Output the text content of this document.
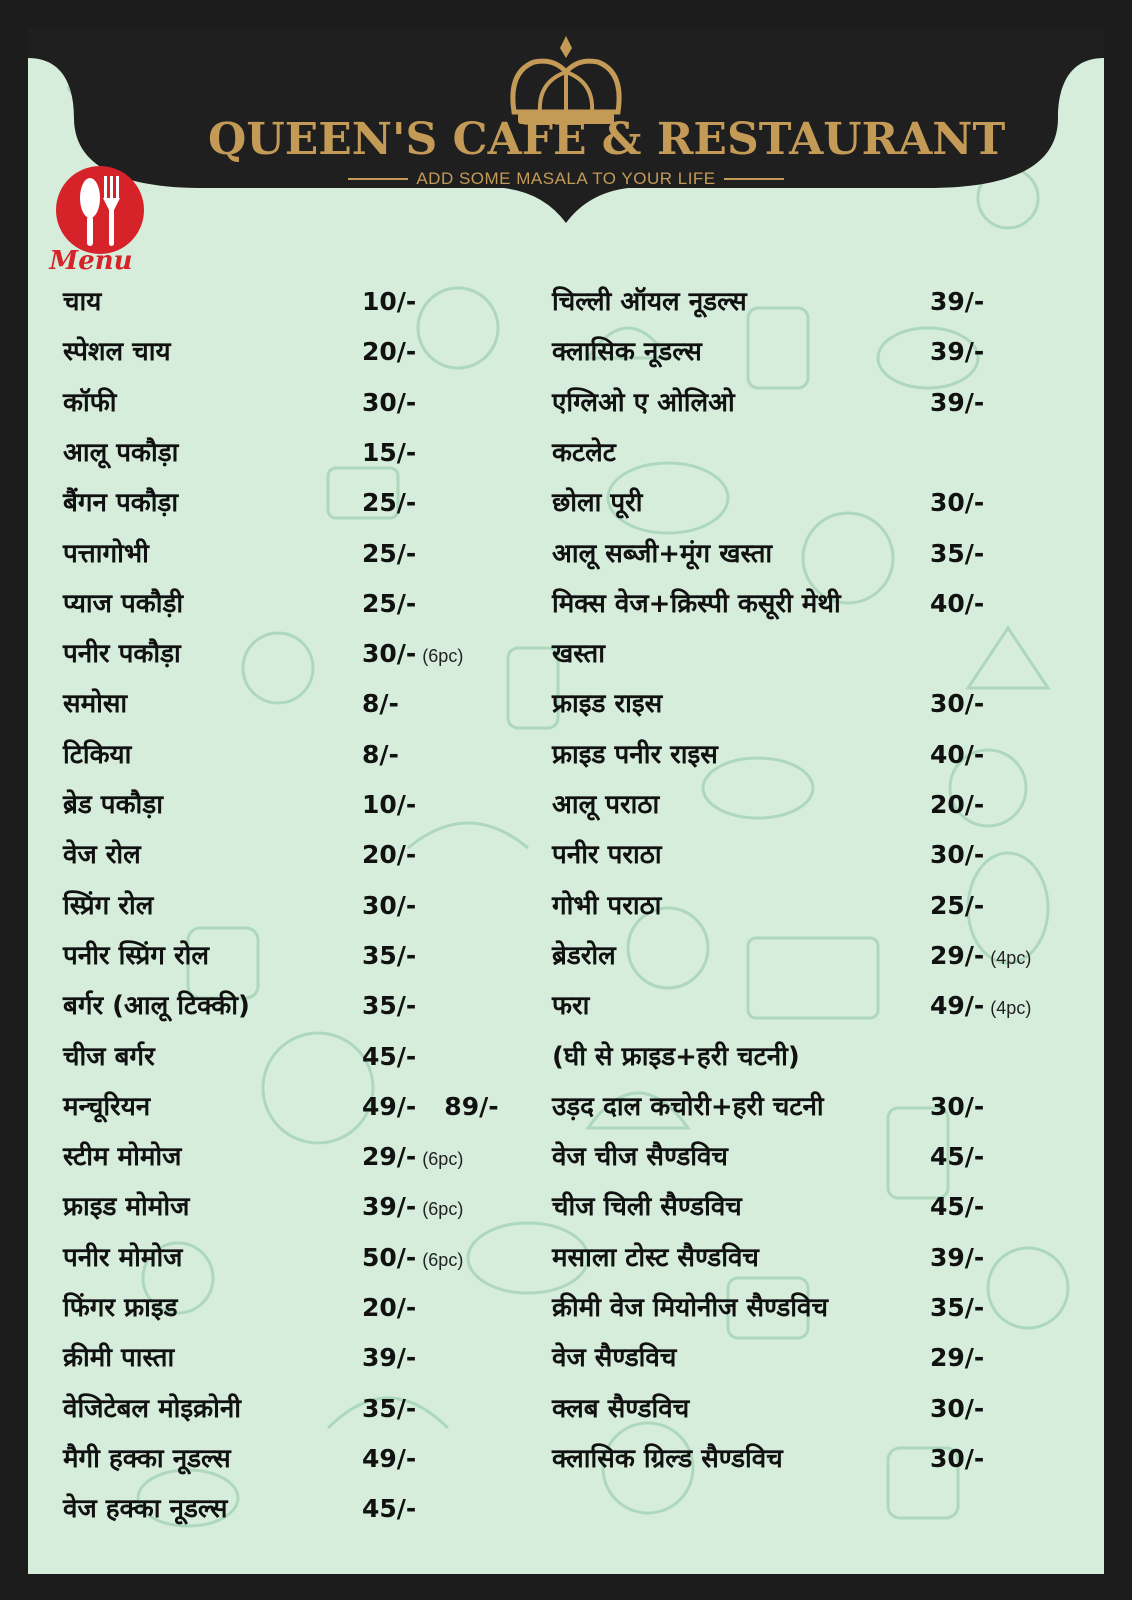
QUEEN'S CAFE & RESTAURANT
ADD SOME MASALA TO YOUR LIFE
Menu
चाय	10/-
स्पेशल चाय	20/-
कॉफी	30/-
आलू पकौड़ा	15/-
बैंगन पकौड़ा	25/-
पत्तागोभी	25/-
प्याज पकौड़ी	25/-
पनीर पकौड़ा	30/- (6pc)
समोसा	8/-
टिकिया	8/-
ब्रेड पकौड़ा	10/-
वेज रोल	20/-
स्प्रिंग रोल	30/-
पनीर स्प्रिंग रोल	35/-
बर्गर (आलू टिक्की)	35/-
चीज बर्गर	45/-
मन्चूरियन	49/- 89/-
स्टीम मोमोज	29/- (6pc)
फ्राइड मोमोज	39/- (6pc)
पनीर मोमोज	50/- (6pc)
फिंगर फ्राइड	20/-
क्रीमी पास्ता	39/-
वेजिटेबल मोइक्रोनी	35/-
मैगी हक्का नूडल्स	49/-
वेज हक्का नूडल्स	45/-
चिल्ली ऑयल नूडल्स	39/-
क्लासिक नूडल्स	39/-
एग्लिओ ए ओलिओ	39/-
कटलेट
छोला पूरी	30/-
आलू सब्जी+मूंग खस्ता	35/-
मिक्स वेज+क्रिस्पी कसूरी मेथी	40/-
खस्ता
फ्राइड राइस	30/-
फ्राइड पनीर राइस	40/-
आलू पराठा	20/-
पनीर पराठा	30/-
गोभी पराठा	25/-
ब्रेडरोल	29/- (4pc)
फरा	49/- (4pc)
(घी से फ्राइड+हरी चटनी)
उड़द दाल कचोरी+हरी चटनी	30/-
वेज चीज सैण्डविच	45/-
चीज चिली सैण्डविच	45/-
मसाला टोस्ट सैण्डविच	39/-
क्रीमी वेज मियोनीज सैण्डविच	35/-
वेज सैण्डविच	29/-
क्लब सैण्डविच	30/-
क्लासिक ग्रिल्ड सैण्डविच	30/-
